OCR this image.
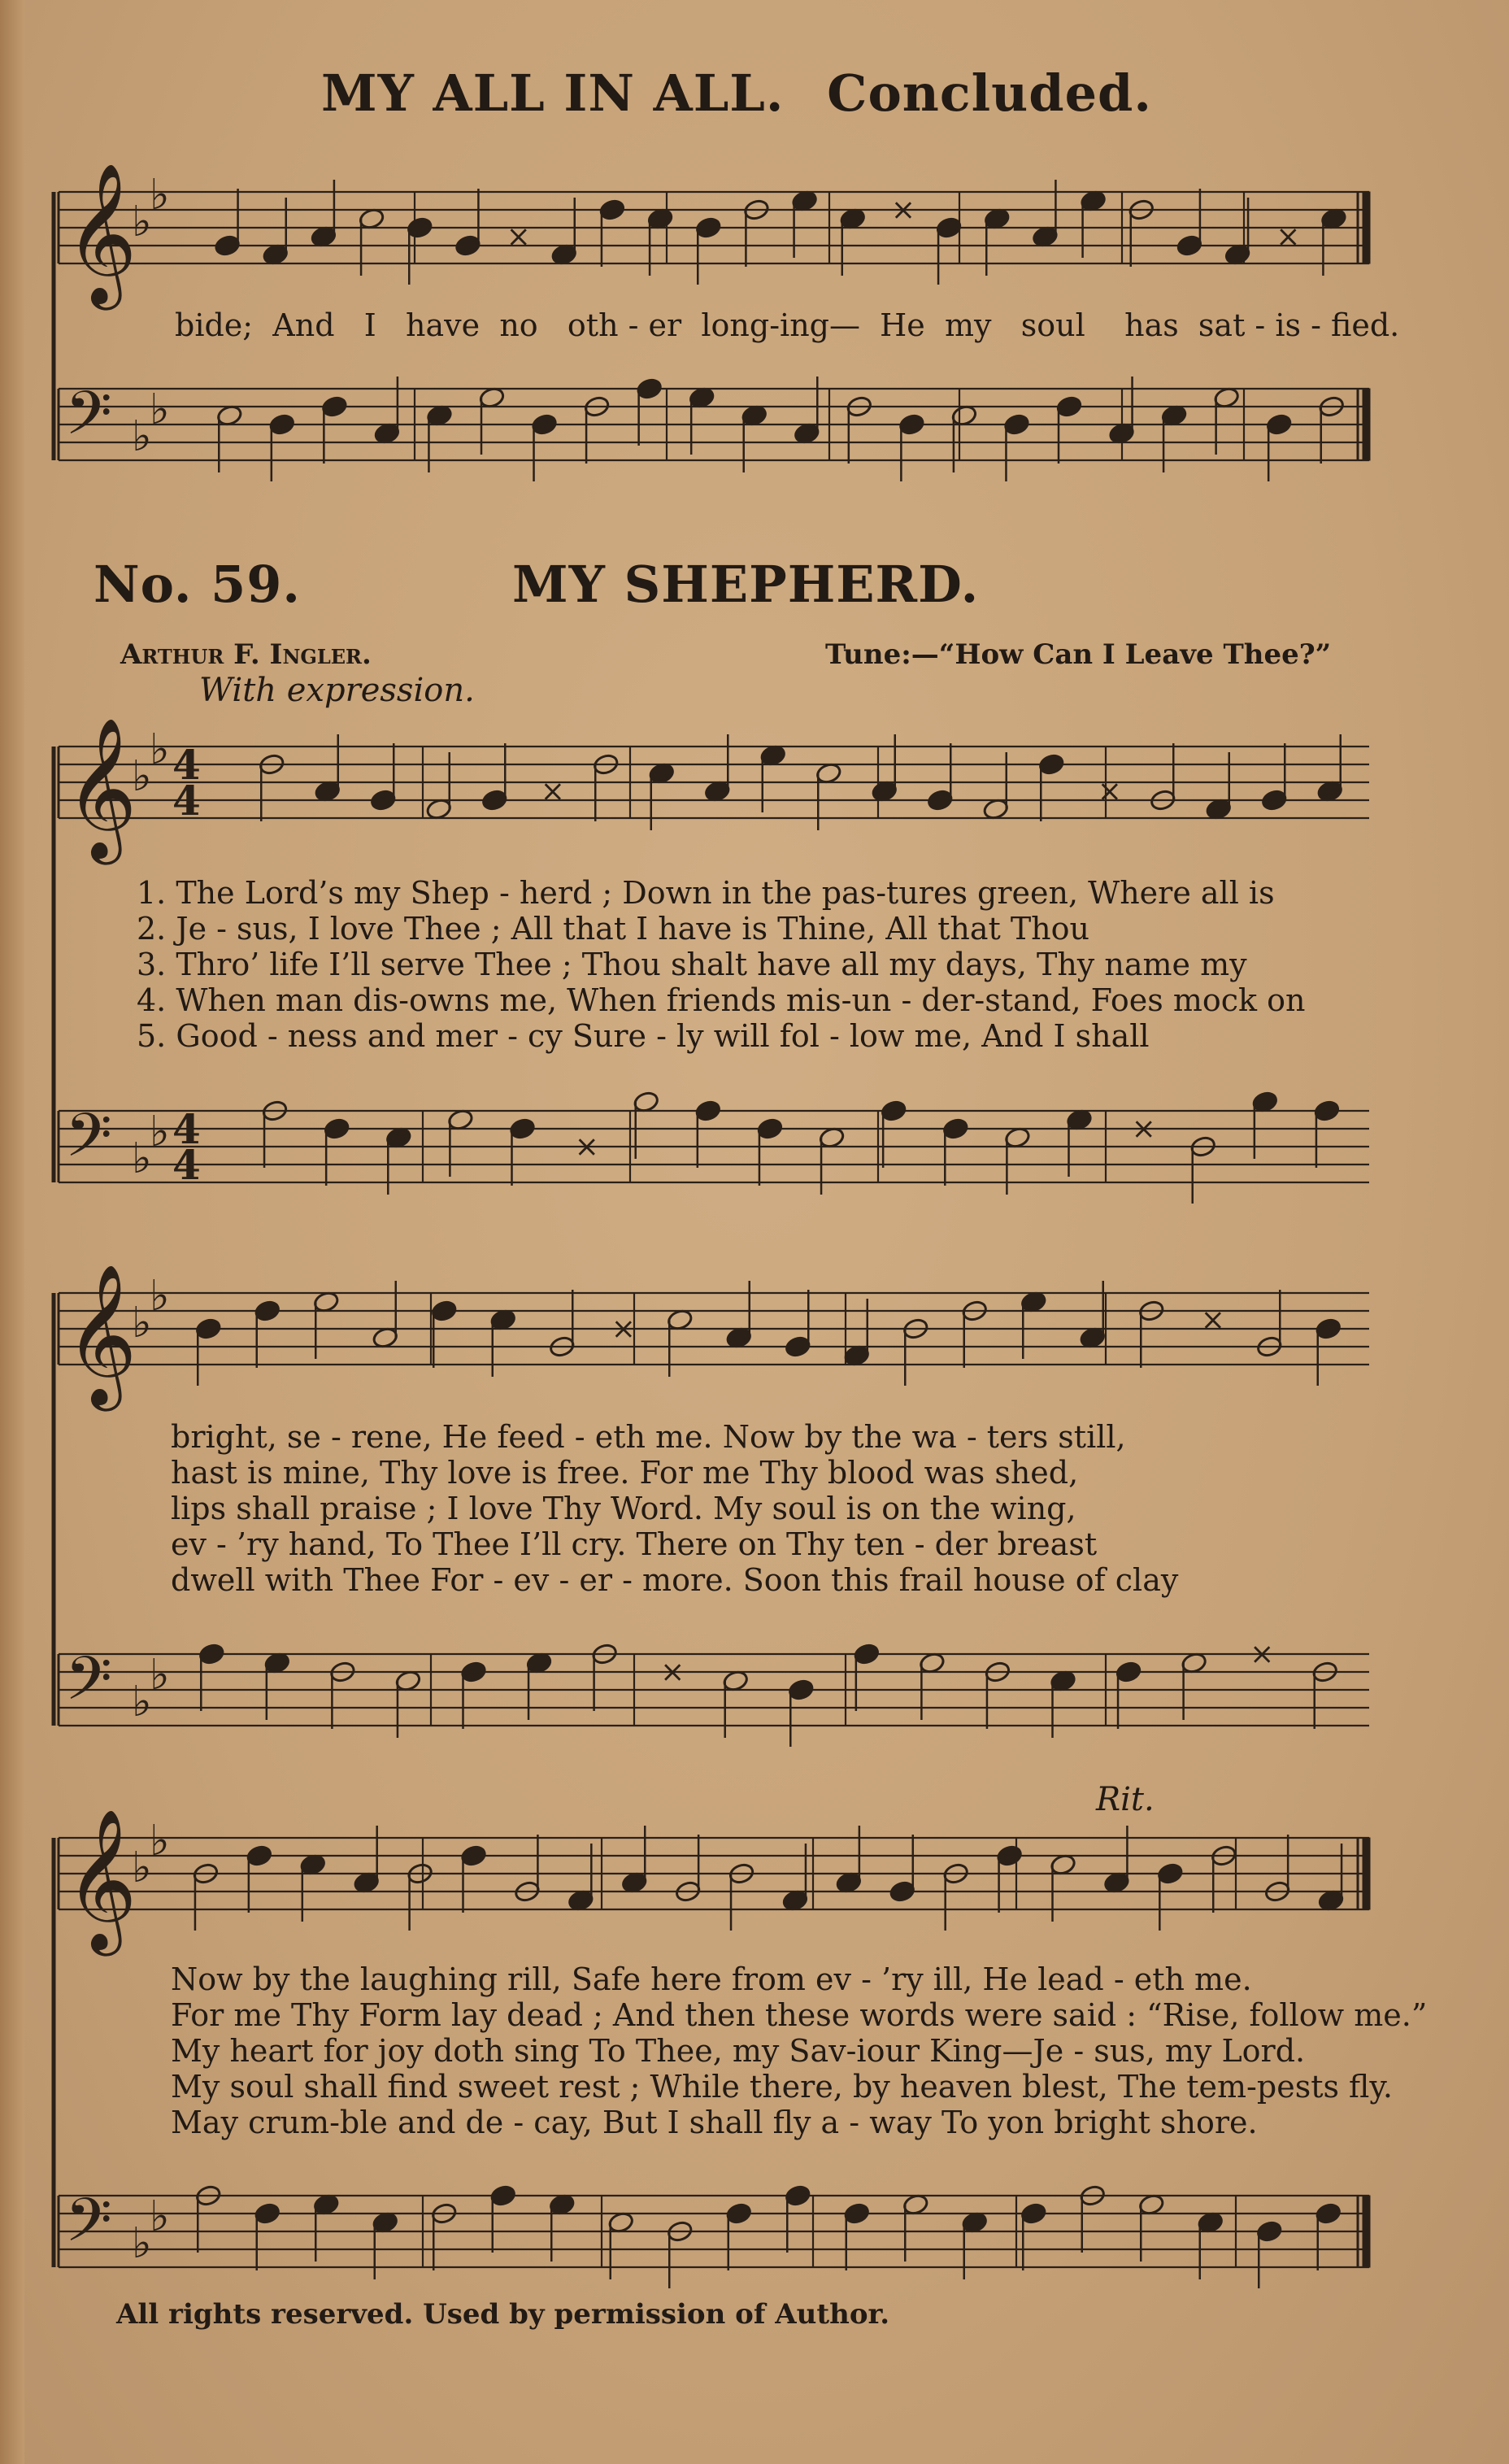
MY ALL IN ALL. Concluded.
𝄞
♭
♭
×
×
×
𝄢 ♭
♭
𝄞
♭
♭ 4
4	×	×
𝄢 ♭
♭ 4
4	×
×
𝄞
♭
♭
×	×
𝄢 ♭
♭	×
×
𝄞
♭
♭
𝄢 ♭
♭
bide; And I have no oth - er long-ing— He my soul has sat - is - fied.
No. 59.	MY SHEPHERD.
Arthur F. Ingler.	Tune:—“How Can I Leave Thee?”
With expression.
Rit.
1. The Lord’s my Shep - herd ; Down in the pas-tures green, Where all is
2. Je - sus, I love Thee ; All that I have is Thine, All that Thou
3. Thro’ life I’ll serve Thee ; Thou shalt have all my days, Thy name my
4. When man dis-owns me, When friends mis-un - der-stand, Foes mock on
5. Good - ness and mer - cy Sure - ly will fol - low me, And I shall
bright, se - rene, He feed - eth me. Now by the wa - ters still,
hast is mine, Thy love is free. For me Thy blood was shed,
lips shall praise ; I love Thy Word. My soul is on the wing,
ev - ’ry hand, To Thee I’ll cry. There on Thy ten - der breast
dwell with Thee For - ev - er - more. Soon this frail house of clay
Now by the laughing rill, Safe here from ev - ’ry ill, He lead - eth me.
For me Thy Form lay dead ; And then these words were said : “Rise, follow me.”
My heart for joy doth sing To Thee, my Sav-iour King—Je - sus, my Lord.
My soul shall find sweet rest ; While there, by heaven blest, The tem-pests fly.
May crum-ble and de - cay, But I shall fly a - way To yon bright shore.
All rights reserved. Used by permission of Author.
